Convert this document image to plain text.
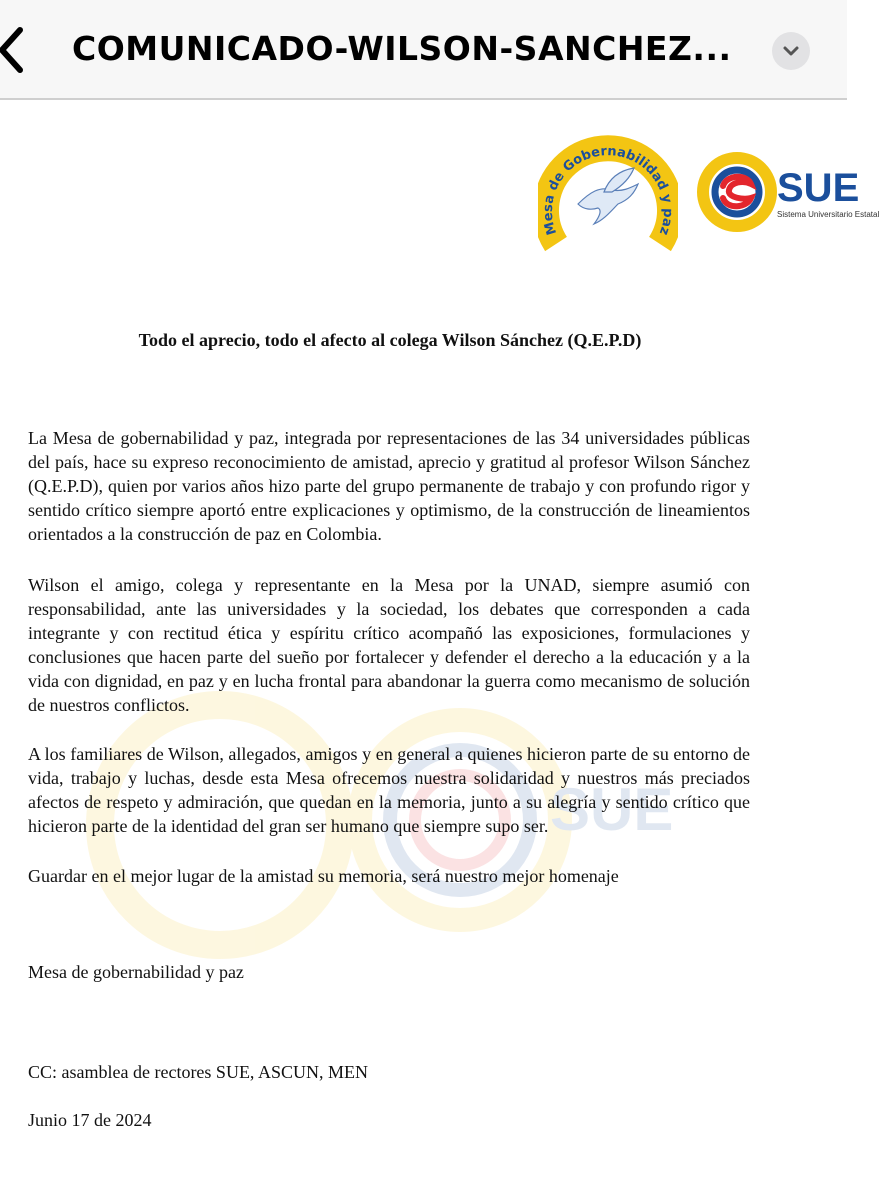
COMUNICADO-WILSON-SANCHEZ...
SUE
Mesa de Gobernabilidad y paz
SUE
Sistema Universitario Estatal
Todo el aprecio, todo el afecto al colega Wilson Sánchez (Q.E.P.D)

La Mesa de gobernabilidad y paz, integrada por representaciones de las 34 universidades públicas del país, hace su expreso reconocimiento de amistad, aprecio y gratitud al profesor Wilson Sánchez (Q.E.P.D), quien por varios años hizo parte del grupo permanente de trabajo y con profundo rigor y sentido crítico siempre aportó entre explicaciones y optimismo, de la construcción de lineamientos orientados a la construcción de paz en Colombia.

Wilson el amigo, colega y representante en la Mesa por la UNAD, siempre asumió con responsabilidad, ante las universidades y la sociedad, los debates que corresponden a cada integrante y con rectitud ética y espíritu crítico acompañó las exposiciones, formulaciones y conclusiones que hacen parte del sueño por fortalecer y defender el derecho a la educación y a la vida con dignidad, en paz y en lucha frontal para abandonar la guerra como mecanismo de solución de nuestros conflictos.

A los familiares de Wilson, allegados, amigos y en general a quienes hicieron parte de su entorno de vida, trabajo y luchas, desde esta Mesa ofrecemos nuestra solidaridad y nuestros más preciados afectos de respeto y admiración, que quedan en la memoria, junto a su alegría y sentido crítico que hicieron parte de la identidad del gran ser humano que siempre supo ser.

Guardar en el mejor lugar de la amistad su memoria, será nuestro mejor homenaje
Mesa de gobernabilidad y paz
CC: asamblea de rectores SUE, ASCUN, MEN
Junio 17 de 2024
